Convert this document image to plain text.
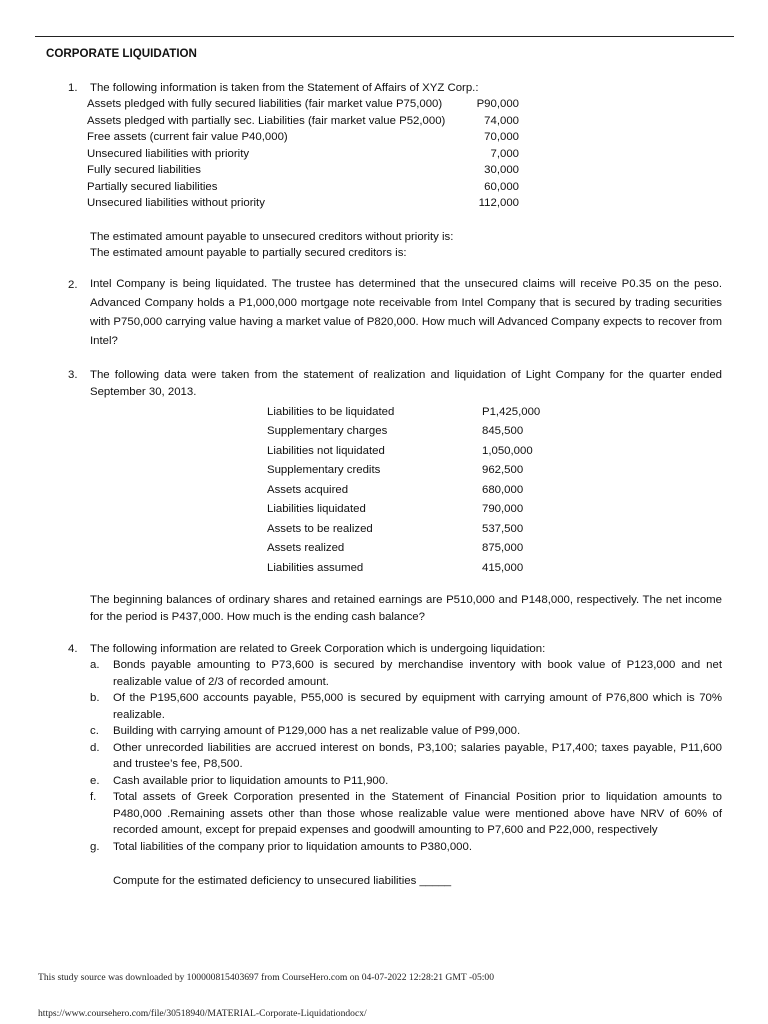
CORPORATE LIQUIDATION
1. The following information is taken from the Statement of Affairs of XYZ Corp.:
Assets pledged with fully secured liabilities (fair market value P75,000)	P90,000
Assets pledged with partially sec. Liabilities (fair market value P52,000)	74,000
Free assets (current fair value P40,000)	70,000
Unsecured liabilities with priority	7,000
Fully secured liabilities	30,000
Partially secured liabilities	60,000
Unsecured liabilities without priority	112,000
The estimated amount payable to unsecured creditors without priority is:
The estimated amount payable to partially secured creditors is:
2. Intel Company is being liquidated. The trustee has determined that the unsecured claims will receive P0.35 on the peso. Advanced Company holds a P1,000,000 mortgage note receivable from Intel Company that is secured by trading securities with P750,000 carrying value having a market value of P820,000. How much will Advanced Company expects to recover from Intel?
3. The following data were taken from the statement of realization and liquidation of Light Company for the quarter ended September 30, 2013.
Liabilities to be liquidated	P1,425,000
Supplementary charges	845,500
Liabilities not liquidated	1,050,000
Supplementary credits	962,500
Assets acquired	680,000
Liabilities liquidated	790,000
Assets to be realized	537,500
Assets realized	875,000
Liabilities assumed	415,000
The beginning balances of ordinary shares and retained earnings are P510,000 and P148,000, respectively. The net income for the period is P437,000. How much is the ending cash balance?
4. The following information are related to Greek Corporation which is undergoing liquidation:
a.	Bonds payable amounting to P73,600 is secured by merchandise inventory with book value of P123,000 and net realizable value of 2/3 of recorded amount.
b.	Of the P195,600 accounts payable, P55,000 is secured by equipment with carrying amount of P76,800 which is 70% realizable.
c.	Building with carrying amount of P129,000 has a net realizable value of P99,000.
d.	Other unrecorded liabilities are accrued interest on bonds, P3,100; salaries payable, P17,400; taxes payable, P11,600 and trustee’s fee, P8,500.
e.	Cash available prior to liquidation amounts to P11,900.
f.	Total assets of Greek Corporation presented in the Statement of Financial Position prior to liquidation amounts to P480,000 .Remaining assets other than those whose realizable value were mentioned above have NRV of 60% of recorded amount, except for prepaid expenses and goodwill amounting to P7,600 and P22,000, respectively
g.	Total liabilities of the company prior to liquidation amounts to P380,000.
Compute for the estimated deficiency to unsecured liabilities _____
This study source was downloaded by 100000815403697 from CourseHero.com on 04-07-2022 12:28:21 GMT -05:00
https://www.coursehero.com/file/30518940/MATERIAL-Corporate-Liquidationdocx/
